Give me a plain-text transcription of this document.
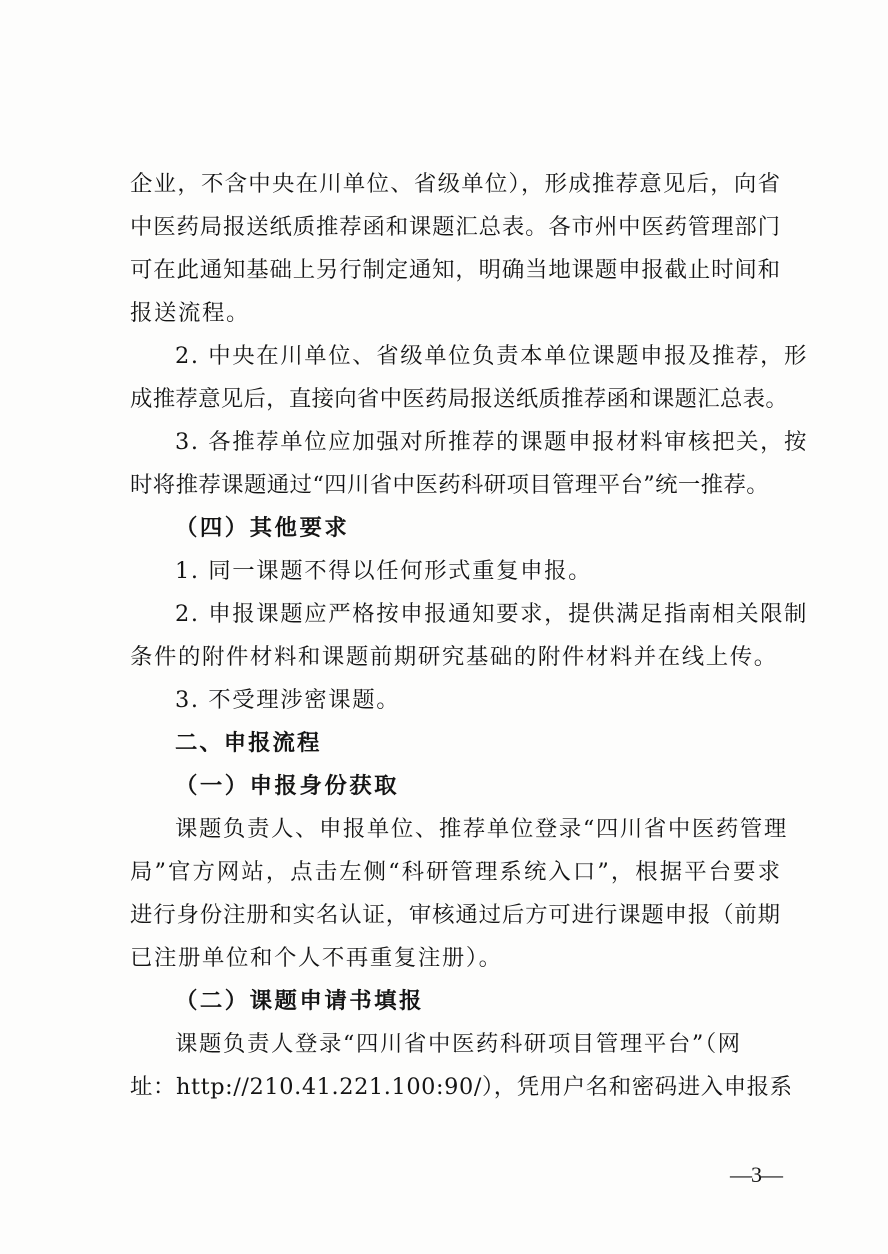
企业，不含中央在川单位、省级单位），形成推荐意见后，向省
中医药局报送纸质推荐函和课题汇总表。各市州中医药管理部门
可在此通知基础上另行制定通知，明确当地课题申报截止时间和
报送流程。
2. 中央在川单位、省级单位负责本单位课题申报及推荐，形
成推荐意见后，直接向省中医药局报送纸质推荐函和课题汇总表。
3. 各推荐单位应加强对所推荐的课题申报材料审核把关，按
时将推荐课题通过“四川省中医药科研项目管理平台”统一推荐。
（四）其他要求
1. 同一课题不得以任何形式重复申报。
2. 申报课题应严格按申报通知要求，提供满足指南相关限制
条件的附件材料和课题前期研究基础的附件材料并在线上传。
3. 不受理涉密课题。
二、申报流程
（一）申报身份获取
课题负责人、申报单位、推荐单位登录“四川省中医药管理
局”官方网站，点击左侧“科研管理系统入口”，根据平台要求
进行身份注册和实名认证，审核通过后方可进行课题申报（前期
已注册单位和个人不再重复注册）。
（二）课题申请书填报
课题负责人登录“四川省中医药科研项目管理平台”（网
址：http://210.41.221.100:90/），凭用户名和密码进入申报系
—3—
